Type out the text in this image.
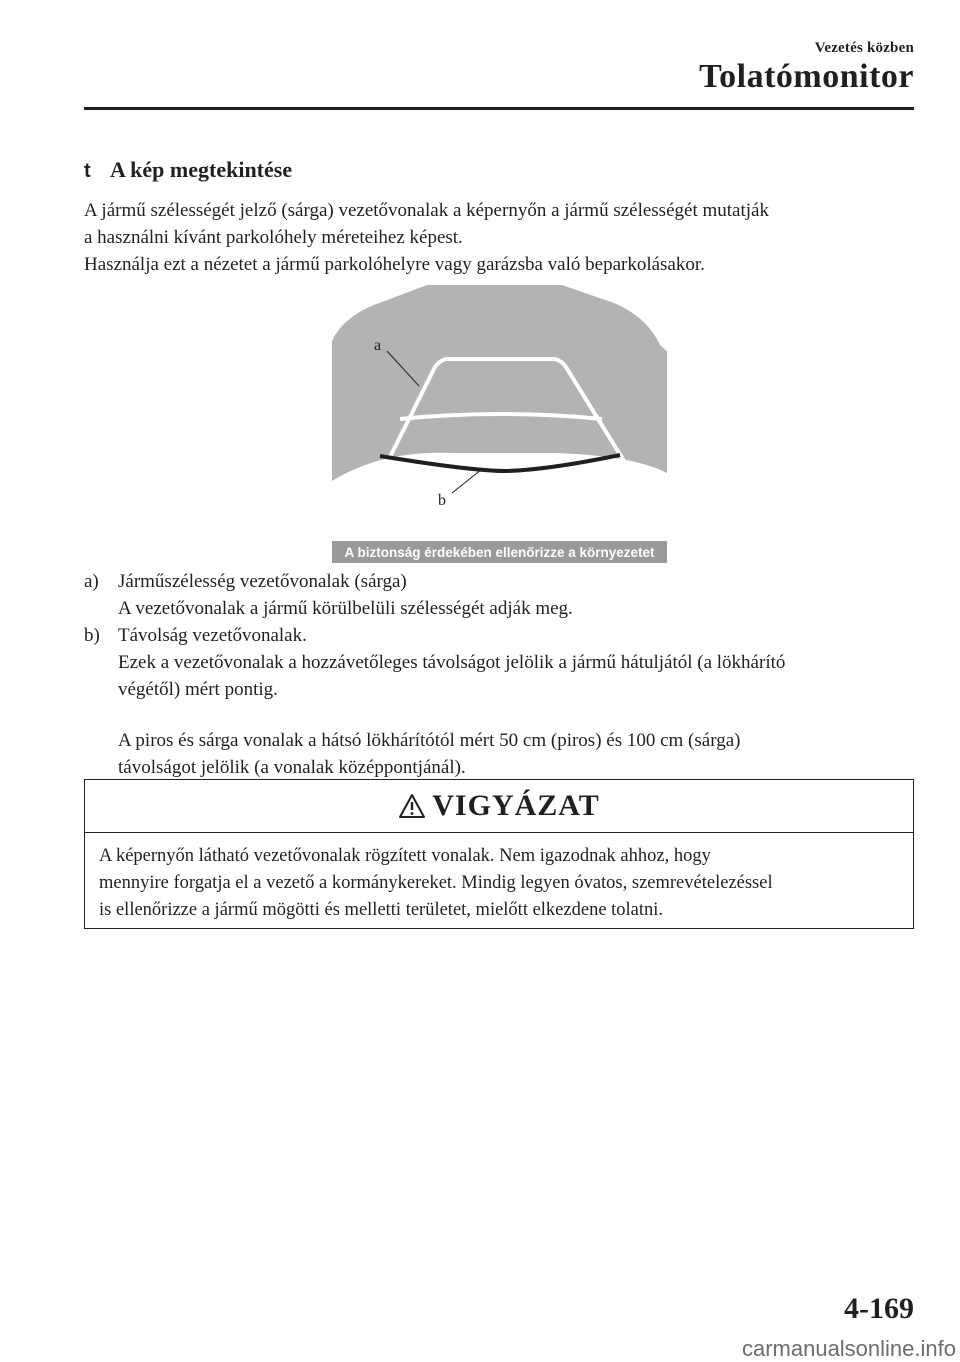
Vezetés közben
Tolatómonitor
t A kép megtekintése

A jármű szélességét jelző (sárga) vezetővonalak a képernyőn a jármű szélességét mutatják

a használni kívánt parkolóhely méreteihez képest.

Használja ezt a nézetet a jármű parkolóhelyre vagy garázsba való beparkolásakor.

a
b
A biztonság érdekében ellenőrizze a környezetet
a)	Járműszélesség vezetővonalak (sárga)

A vezetővonalak a jármű körülbelüli szélességét adják meg.

b) Távolság vezetővonalak.

Ezek a vezetővonalak a hozzávetőleges távolságot jelölik a jármű hátuljától (a lökhárító

végétől) mért pontig.

A piros és sárga vonalak a hátsó lökhárítótól mért 50 cm (piros) és 100 cm (sárga)

távolságot jelölik (a vonalak középpontjánál).

VIGYÁZAT
A képernyőn látható vezetővonalak rögzített vonalak. Nem igazodnak ahhoz, hogy
mennyire forgatja el a vezető a kormánykereket. Mindig legyen óvatos, szemrevételezéssel
is ellenőrizze a jármű mögötti és melletti területet, mielőtt elkezdene tolatni.
4-169
carmanualsonline.info
